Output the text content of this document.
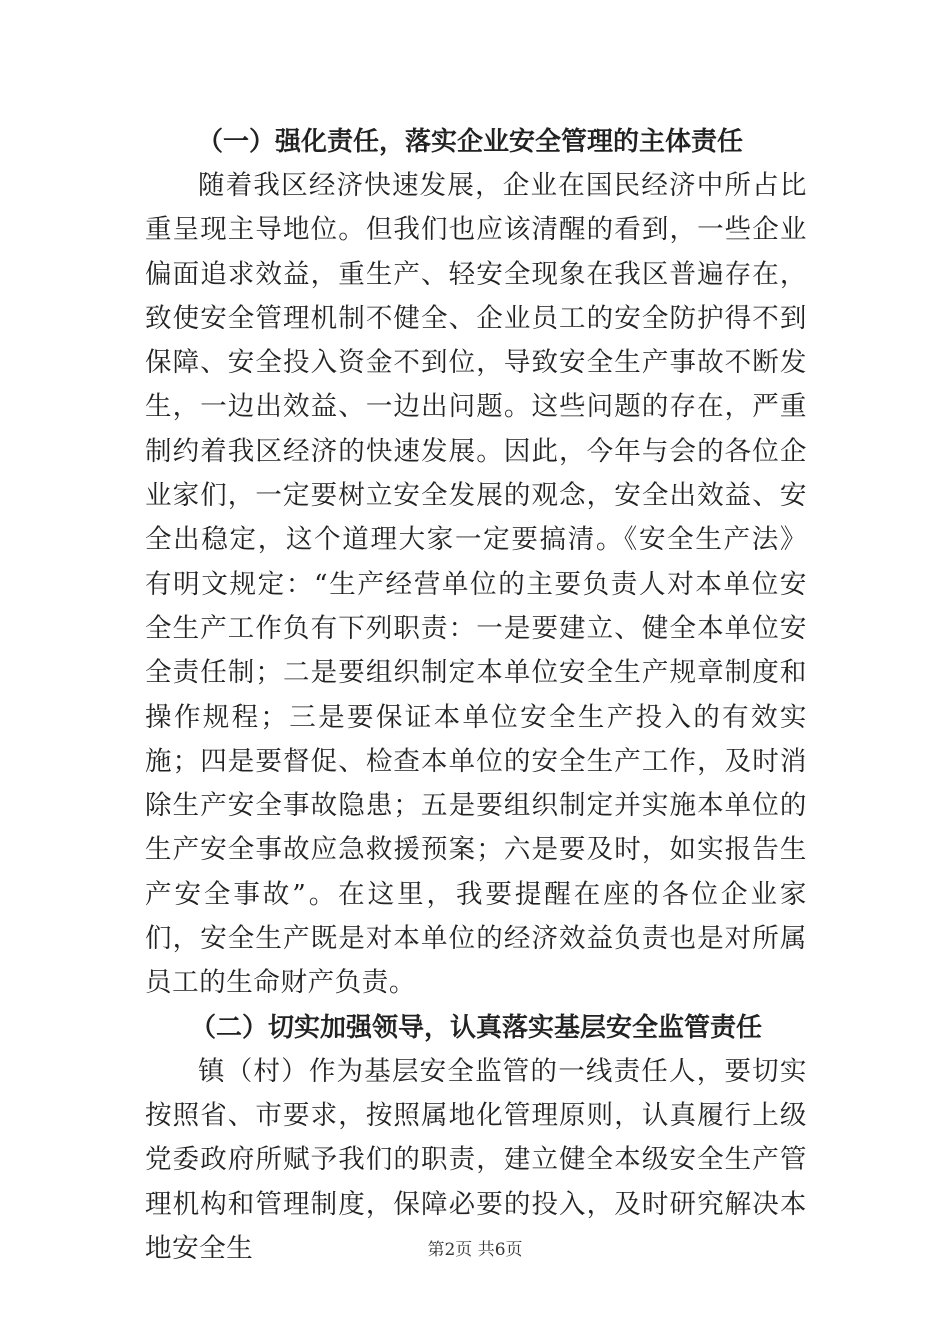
（一）强化责任，落实企业安全管理的主体责任

随着我区经济快速发展，企业在国民经济中所占比重呈现主导地位。但我们也应该清醒的看到，一些企业偏面追求效益，重生产、轻安全现象在我区普遍存在，致使安全管理机制不健全、企业员工的安全防护得不到保障、安全投入资金不到位，导致安全生产事故不断发生，一边出效益、一边出问题。这些问题的存在，严重制约着我区经济的快速发展。因此，今年与会的各位企业家们，一定要树立安全发展的观念，安全出效益、安全出稳定，这个道理大家一定要搞清。《安全生产法》有明文规定：“生产经营单位的主要负责人对本单位安全生产工作负有下列职责：一是要建立、健全本单位安全责任制；二是要组织制定本单位安全生产规章制度和操作规程；三是要保证本单位安全生产投入的有效实施；四是要督促、检查本单位的安全生产工作，及时消除生产安全事故隐患；五是要组织制定并实施本单位的生产安全事故应急救援预案；六是要及时，如实报告生产安全事故”。在这里，我要提醒在座的各位企业家们，安全生产既是对本单位的经济效益负责也是对所属员工的生命财产负责。

（二）切实加强领导，认真落实基层安全监管责任

镇（村）作为基层安全监管的一线责任人，要切实按照省、市要求，按照属地化管理原则，认真履行上级党委政府所赋予我们的职责，建立健全本级安全生产管理机构和管理制度，保障必要的投入，及时研究解决本地安全生	第2页 共6页
